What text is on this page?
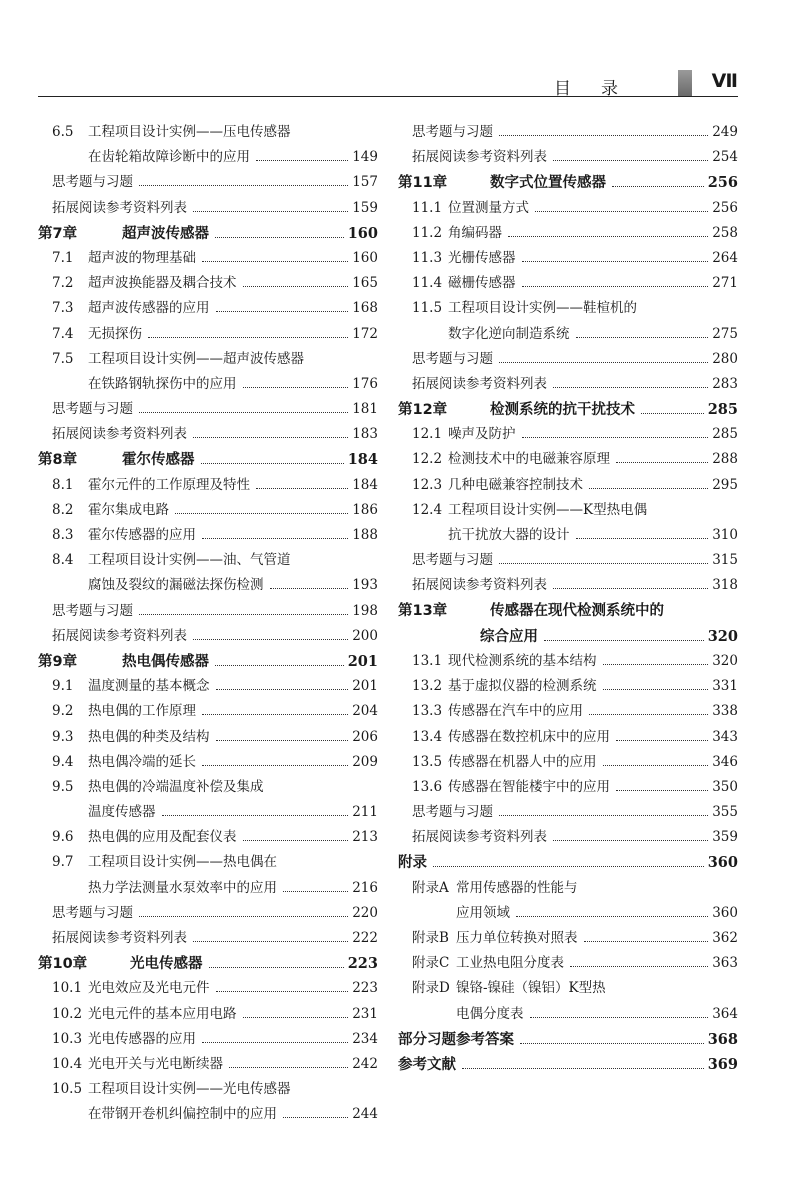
目录	Ⅶ
6.5	工程项目设计实例——压电传感器
在齿轮箱故障诊断中的应用	149
思考题与习题	157
拓展阅读参考资料列表	159
第7章	超声波传感器	160
7.1	超声波的物理基础	160
7.2	超声波换能器及耦合技术	165
7.3	超声波传感器的应用	168
7.4	无损探伤	172
7.5	工程项目设计实例——超声波传感器
在铁路钢轨探伤中的应用	176
思考题与习题	181
拓展阅读参考资料列表	183
第8章	霍尔传感器	184
8.1	霍尔元件的工作原理及特性	184
8.2	霍尔集成电路	186
8.3	霍尔传感器的应用	188
8.4	工程项目设计实例——油、气管道
腐蚀及裂纹的漏磁法探伤检测	193
思考题与习题	198
拓展阅读参考资料列表	200
第9章	热电偶传感器	201
9.1	温度测量的基本概念	201
9.2	热电偶的工作原理	204
9.3	热电偶的种类及结构	206
9.4	热电偶冷端的延长	209
9.5	热电偶的冷端温度补偿及集成
温度传感器	211
9.6	热电偶的应用及配套仪表	213
9.7	工程项目设计实例——热电偶在
热力学法测量水泵效率中的应用	216
思考题与习题	220
拓展阅读参考资料列表	222
第10章	光电传感器	223
10.1 光电效应及光电元件	223
10.2 光电元件的基本应用电路	231
10.3 光电传感器的应用	234
10.4 光电开关与光电断续器	242
10.5 工程项目设计实例——光电传感器
在带钢开卷机纠偏控制中的应用	244
思考题与习题	249
拓展阅读参考资料列表	254
第11章	数字式位置传感器	256
11.1 位置测量方式	256
11.2 角编码器	258
11.3 光栅传感器	264
11.4 磁栅传感器	271
11.5 工程项目设计实例——鞋楦机的
数字化逆向制造系统	275
思考题与习题	280
拓展阅读参考资料列表	283
第12章	检测系统的抗干扰技术	285
12.1 噪声及防护	285
12.2 检测技术中的电磁兼容原理	288
12.3 几种电磁兼容控制技术	295
12.4 工程项目设计实例——K型热电偶
抗干扰放大器的设计	310
思考题与习题	315
拓展阅读参考资料列表	318
第13章	传感器在现代检测系统中的
综合应用	320
13.1 现代检测系统的基本结构	320
13.2 基于虚拟仪器的检测系统	331
13.3 传感器在汽车中的应用	338
13.4 传感器在数控机床中的应用	343
13.5 传感器在机器人中的应用	346
13.6 传感器在智能楼宇中的应用	350
思考题与习题	355
拓展阅读参考资料列表	359
附录	360
附录A 常用传感器的性能与
应用领域	360
附录B 压力单位转换对照表	362
附录C 工业热电阻分度表	363
附录D 镍铬-镍硅（镍铝）K型热
电偶分度表	364
部分习题参考答案	368
参考文献	369
